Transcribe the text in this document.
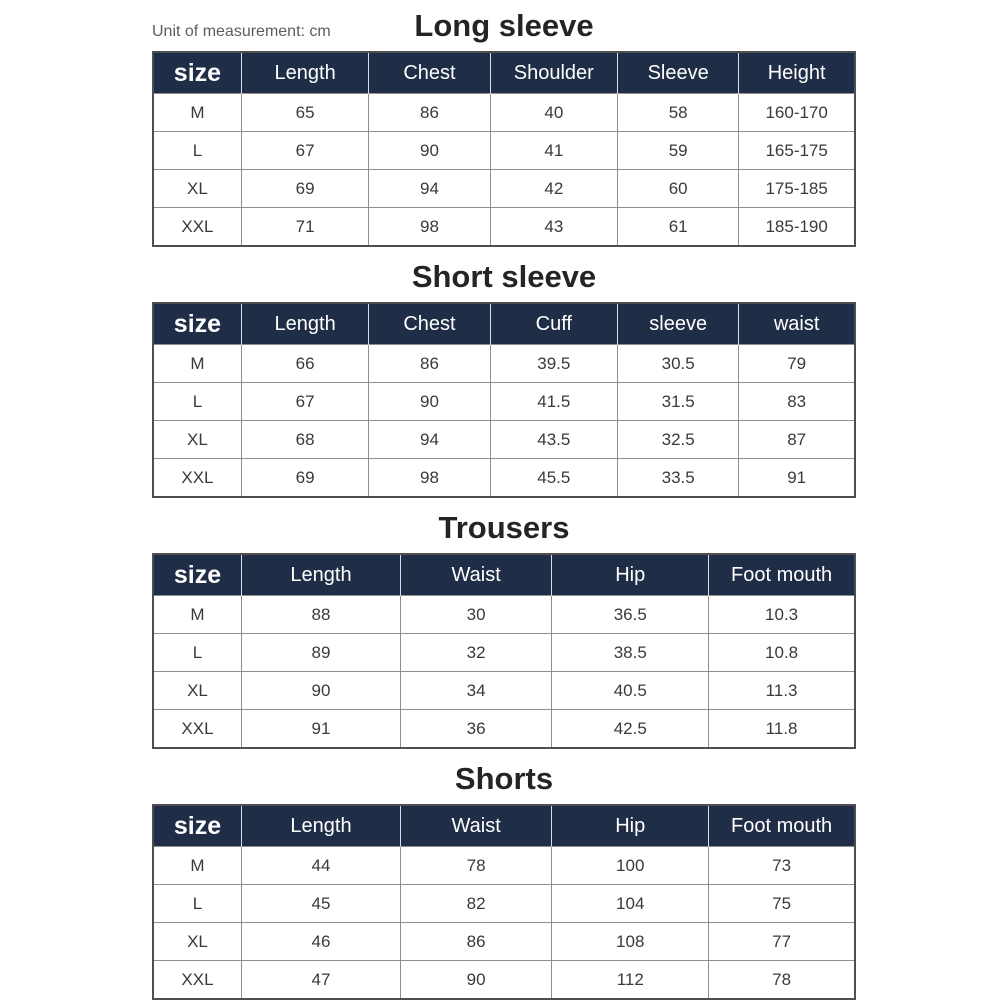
Unit of measurement: cm	Long sleeve
size	Length	Chest	Shoulder	Sleeve	Height
M	65	86	40	58	160-170
L	67	90	41	59	165-175
XL	69	94	42	60	175-185
XXL	71	98	43	61	185-190
Short sleeve
size	Length	Chest	Cuff	sleeve	waist
M	66	86	39.5	30.5	79
L	67	90	41.5	31.5	83
XL	68	94	43.5	32.5	87
XXL	69	98	45.5	33.5	91
Trousers
size	Length	Waist	Hip	Foot mouth
M	88	30	36.5	10.3
L	89	32	38.5	10.8
XL	90	34	40.5	11.3
XXL	91	36	42.5	11.8
Shorts
size	Length	Waist	Hip	Foot mouth
M	44	78	100	73
L	45	82	104	75
XL	46	86	108	77
XXL	47	90	112	78
